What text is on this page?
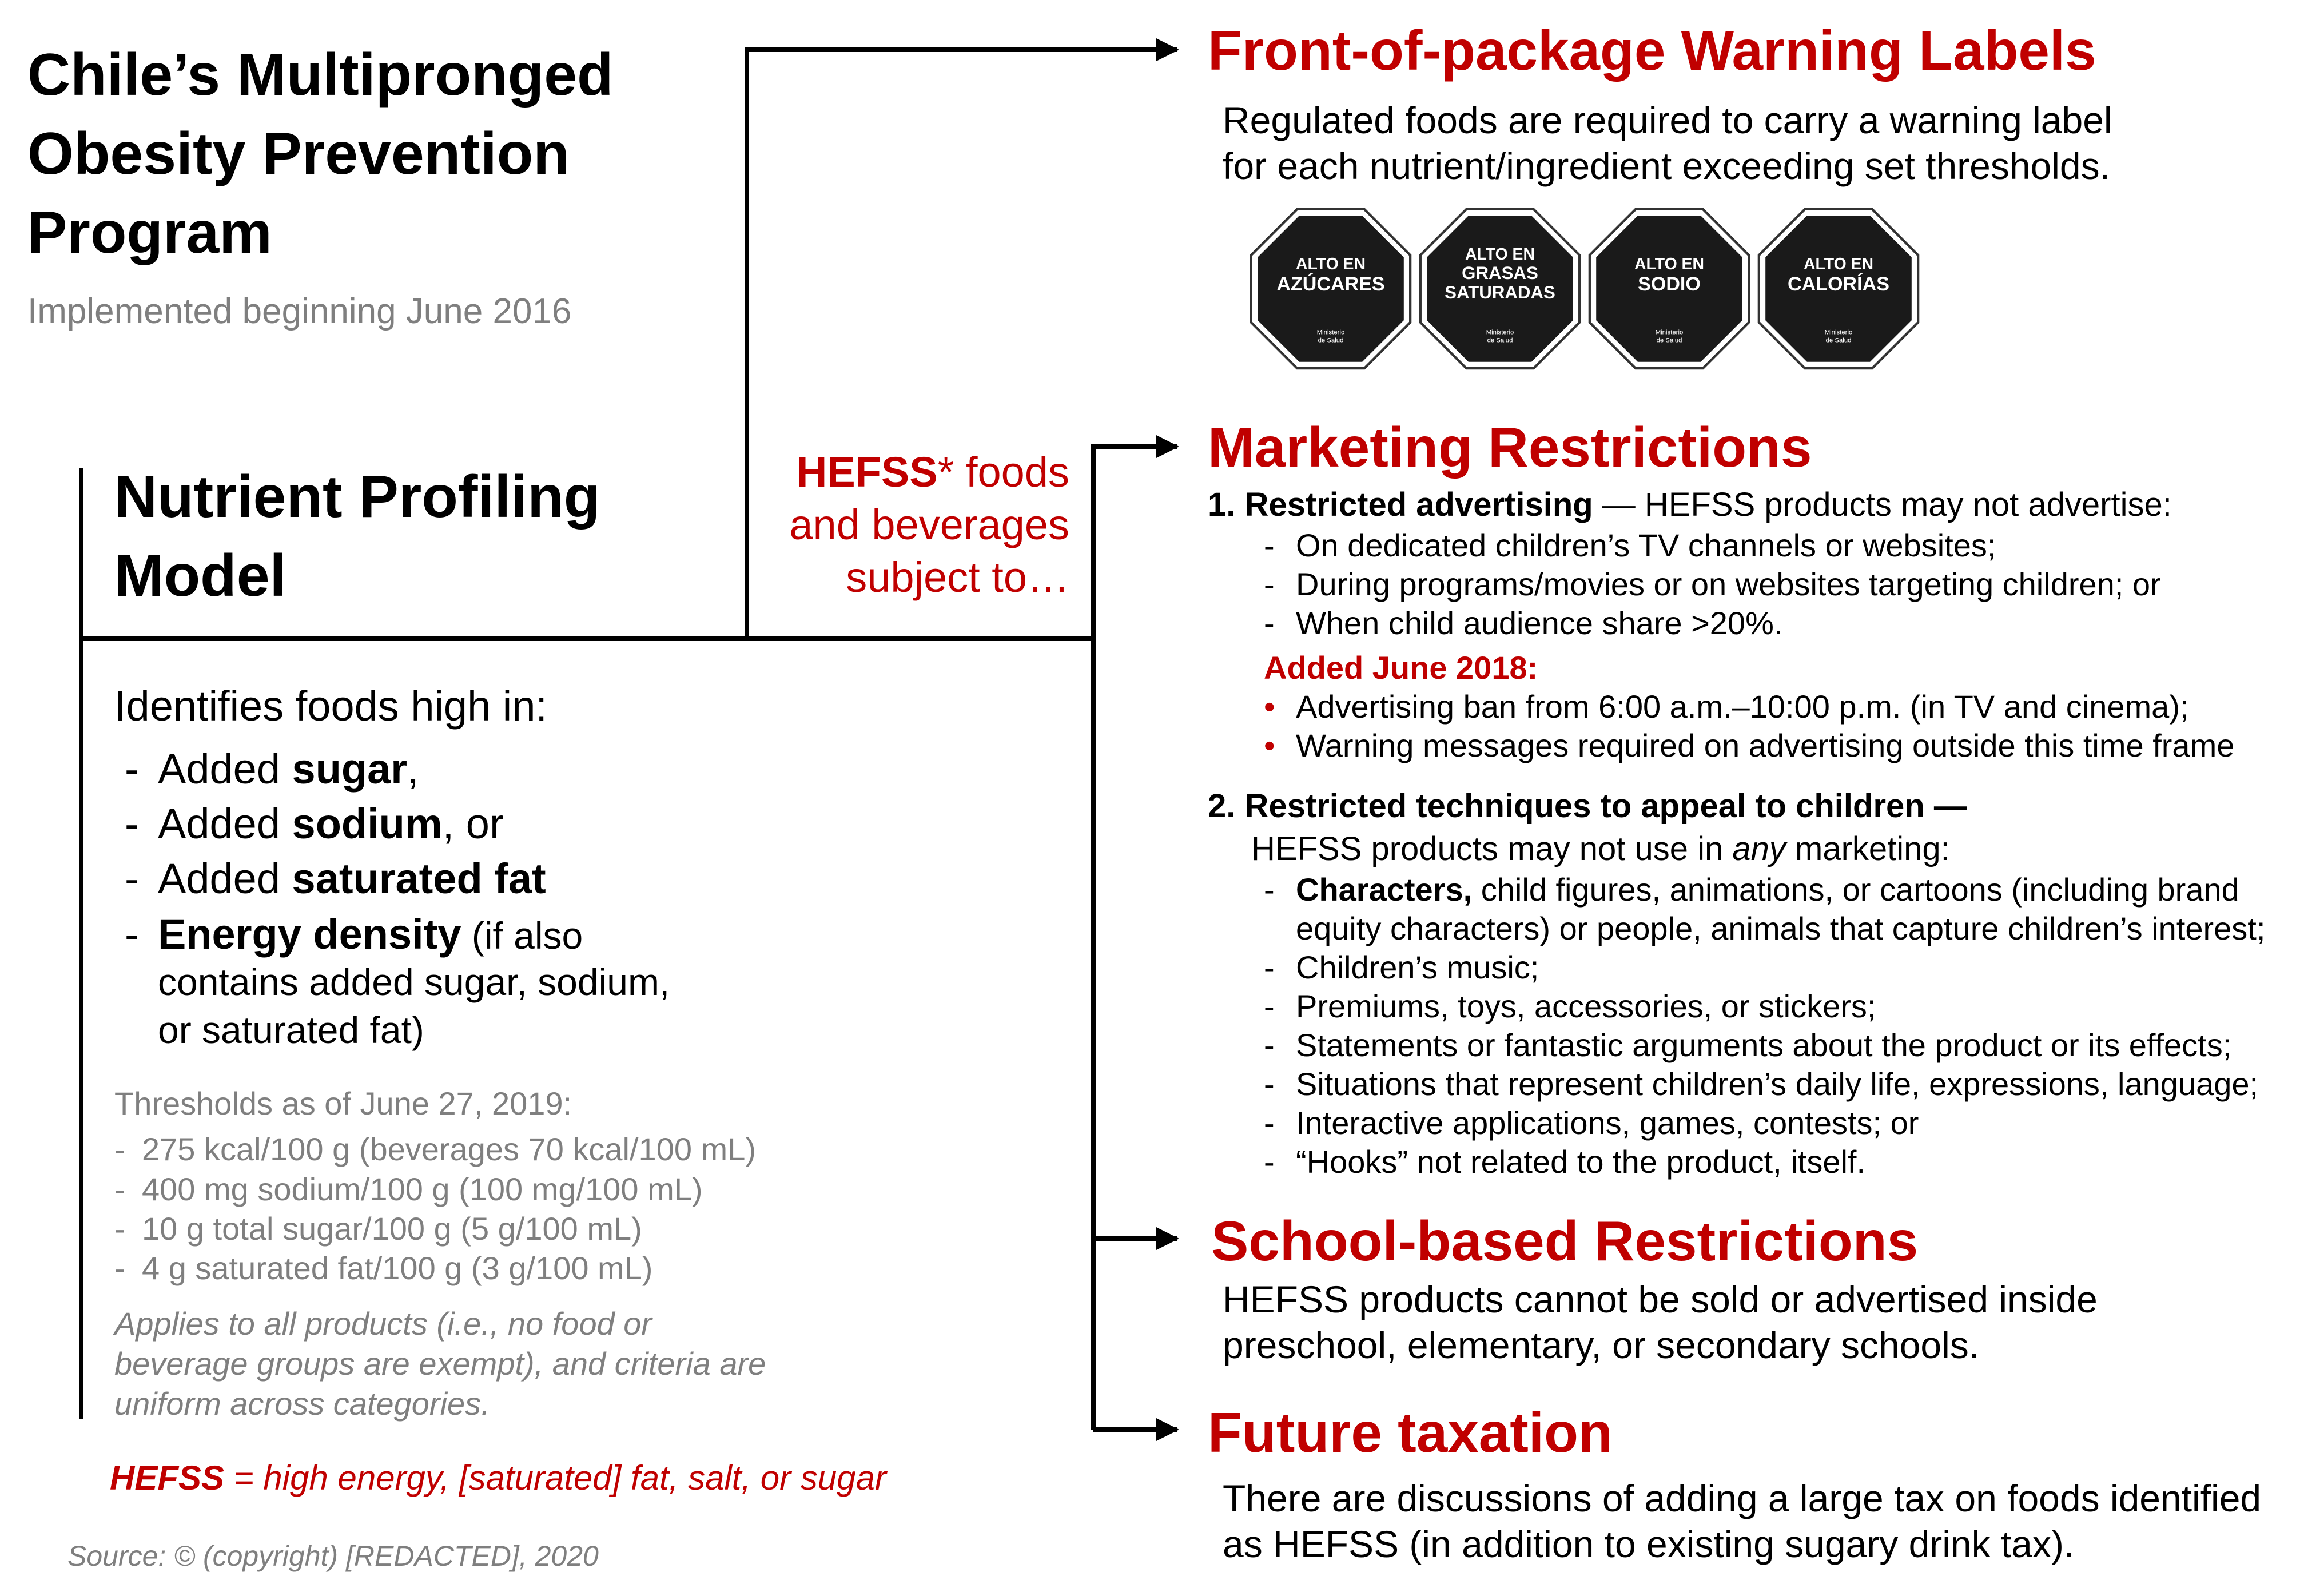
Chile’s Multipronged Obesity Prevention Program
Implemented beginning June 2016
Nutrient Profiling Model
Identifies foods high in:
- Added sugar,
- Added sodium, or
- Added saturated fat
- Energy density (if also
contains added sugar, sodium,
or saturated fat)
Thresholds as of June 27, 2019:
- 275 kcal/100 g (beverages 70 kcal/100 mL)
- 400 mg sodium/100 g (100 mg/100 mL)
- 10 g total sugar/100 g (5 g/100 mL)
- 4 g saturated fat/100 g (3 g/100 mL)
Applies to all products (i.e., no food or beverage groups are exempt), and criteria are uniform across categories.
HEFSS = high energy, [saturated] fat, salt, or sugar
Source: © (copyright) [REDACTED], 2020
HEFSS* foods
and beverages
subject to…
Front-of-package Warning Labels
Regulated foods are required to carry a warning label
for each nutrient/ingredient exceeding set thresholds.
ALTO EN
AZÚCARES
Ministerio
de Salud
ALTO EN
GRASAS
SATURADAS
Ministerio
de Salud
ALTO EN
SODIO
Ministerio
de Salud
ALTO EN
CALORÍAS
Ministerio
de Salud
Marketing Restrictions
1. Restricted advertising — HEFSS products may not advertise:
- On dedicated children’s TV channels or websites;
- During programs/movies or on websites targeting children; or
- When child audience share >20%.
Added June 2018:
• Advertising ban from 6:00 a.m.–10:00 p.m. (in TV and cinema);
• Warning messages required on advertising outside this time frame
2. Restricted techniques to appeal to children —
HEFSS products may not use in any marketing:
- Characters, child figures, animations, or cartoons (including brand
equity characters) or people, animals that capture children’s interest;
- Children’s music;
- Premiums, toys, accessories, or stickers;
- Statements or fantastic arguments about the product or its effects;
- Situations that represent children’s daily life, expressions, language;
- Interactive applications, games, contests; or
- “Hooks” not related to the product, itself.
School-based Restrictions
HEFSS products cannot be sold or advertised inside
preschool, elementary, or secondary schools.
Future taxation
There are discussions of adding a large tax on foods identified
as HEFSS (in addition to existing sugary drink tax).
